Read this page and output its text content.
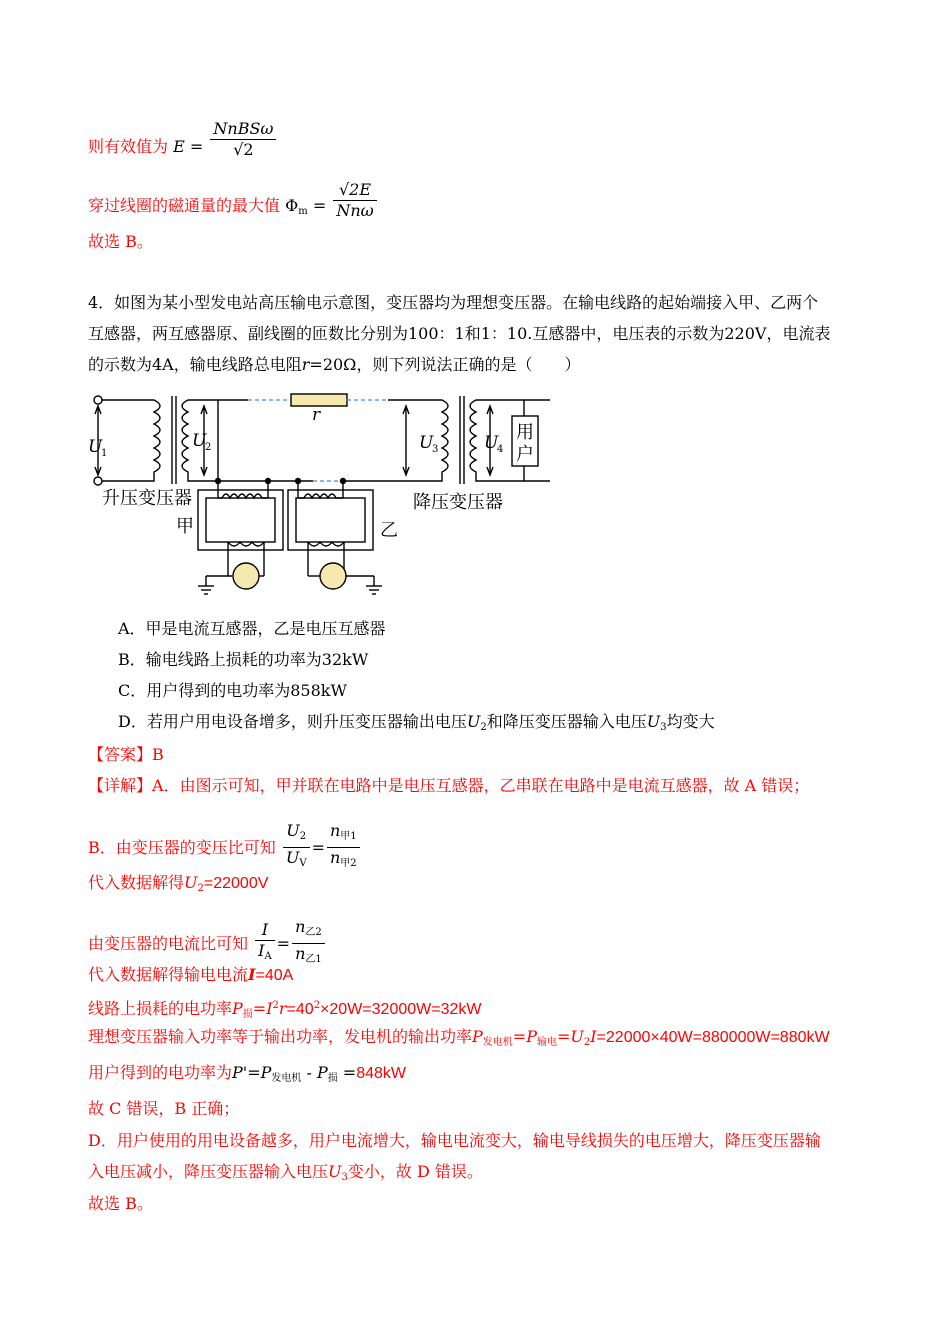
则有效值为 $E = \frac{\text{NnBSω}}{√2}$
穿过线圈的磁通量的最大值 $\Phi_m = \frac{√2E}{\text{Nnω}}$
故选 B。
4．如图为某小型发电站高压输电示意图，变压器均为理想变压器。在输电线路的起始端接入甲、乙两个
互感器，两互感器原、副线圈的匝数比分别为100：1和1：10.互感器中，电压表的示数为220V，电流表
的示数为4A，输电线路总电阻r=20Ω，则下列说法正确的是（　　）
r
U
1
U
2	U
3	U
4
用
户
升压变压器	降压变压器
甲	乙
A．甲是电流互感器，乙是电压互感器
B．输电线路上损耗的功率为32kW
C．用户得到的电功率为858kW
D．若用户用电设备增多，则升压变压器输出电压$U_2$和降压变压器输入电压$U_3$均变大
【答案】B
【详解】A．由图示可知，甲并联在电路中是电压互感器，乙串联在电路中是电流互感器，故 A 错误；
B．由变压器的变压比可知 $\frac{U_2}{U_V} = \frac{n_{甲1}}{n_{甲2}}$
代入数据解得$U_2=22000V$
由变压器的电流比可知 $\frac{I}{I_A} = \frac{n_{乙2}}{n_{乙1}}$
代入数据解得输电电流I=40A
线路上损耗的电功率$P_损=I^2r=40^2\times 20W=32000W=32kW$
理想变压器输入功率等于输出功率，发电机的输出功率$P_{发电机}=P_{输电}=U_2I=22000\times 40W=880000W=880kW$
用户得到的电功率为$P'=P_{发电机} - P_损 =848kW$
故 C 错误，B 正确；
D．用户使用的用电设备越多，用户电流增大，输电电流变大，输电导线损失的电压增大，降压变压器输
入电压减小，降压变压器输入电压$U_3$变小，故 D 错误。
故选 B。
